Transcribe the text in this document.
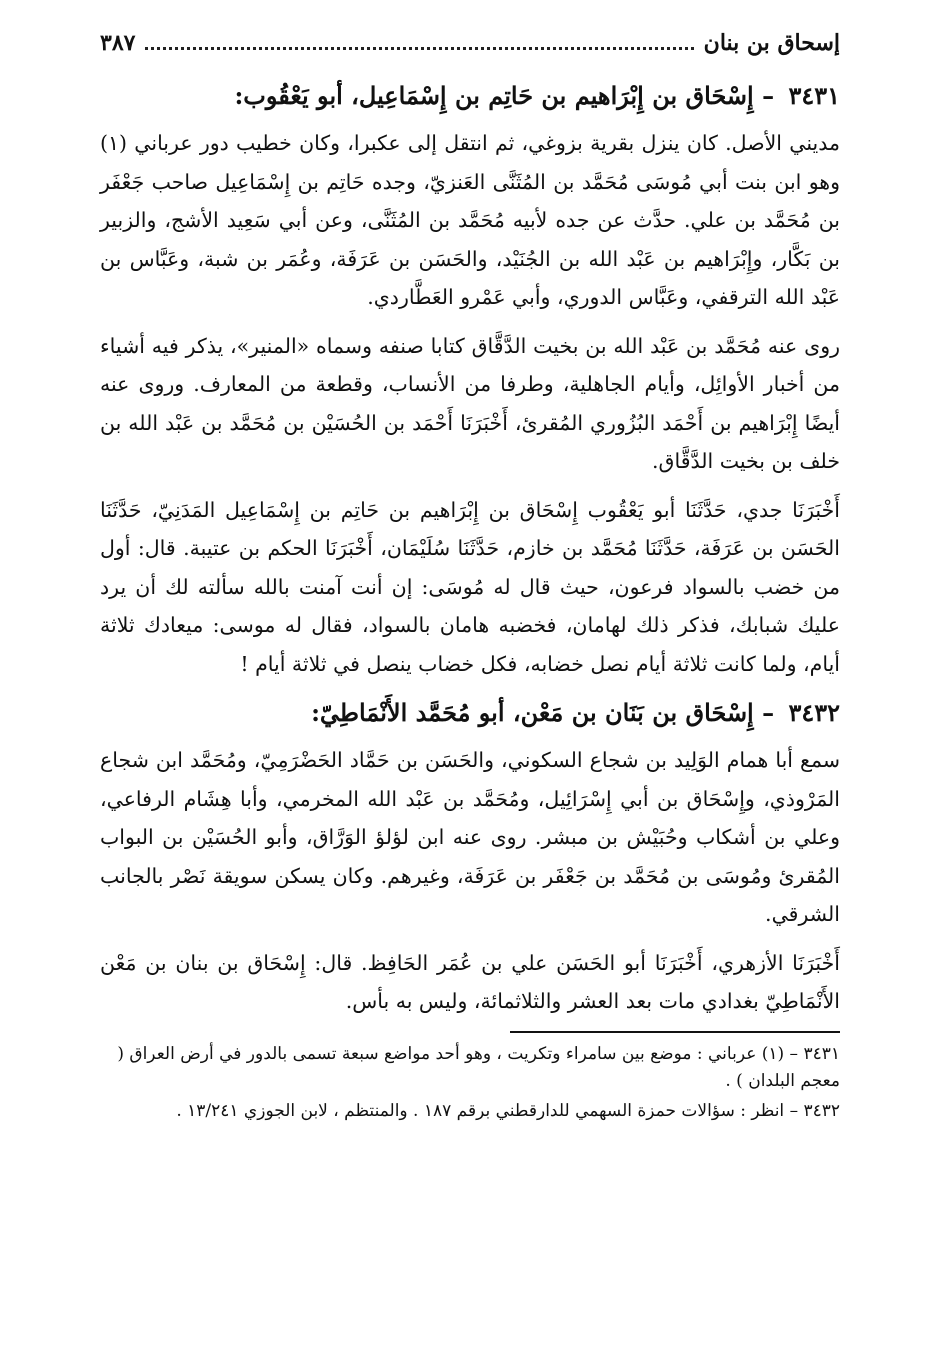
إسحاق بن بنان
٣٨٧
٣٤٣١ – إِسْحَاق بن إِبْرَاهيم بن حَاتِم بن إِسْمَاعِيل، أبو يَعْقُوب:

مديني الأصل. كان ينزل بقرية بزوغي، ثم انتقل إلى عكبرا، وكان خطيب دور عرباني (١) وهو ابن بنت أبي مُوسَى مُحَمَّد بن المُثَنَّى العَنزيّ، وجده حَاتِم بن إِسْمَاعِيل صاحب جَعْفَر بن مُحَمَّد بن علي. حدَّث عن جده لأبيه مُحَمَّد بن المُثَنَّى، وعن أبي سَعِيد الأشج، والزبير بن بَكَّار، وإِبْرَاهيم بن عَبْد الله بن الجُنَيْد، والحَسَن بن عَرَفَة، وعُمَر بن شبة، وعَبَّاس بن عَبْد الله الترقفي، وعَبَّاس الدوري، وأبي عَمْرو العَطَّاردي.

روى عنه مُحَمَّد بن عَبْد الله بن بخيت الدَّقَّاق كتابا صنفه وسماه «المنير»، يذكر فيه أشياء من أخبار الأوائِل، وأيام الجاهلية، وطرفا من الأنساب، وقطعة من المعارف. وروى عنه أيضًا إِبْرَاهيم بن أَحْمَد البُزُوري المُقرئ، أَخْبَرَنَا أَحْمَد بن الحُسَيْن بن مُحَمَّد بن عَبْد الله بن خلف بن بخيت الدَّقَّاق.

أَخْبَرَنَا جدي، حَدَّثَنَا أبو يَعْقُوب إِسْحَاق بن إِبْرَاهيم بن حَاتِم بن إِسْمَاعِيل المَدَنِيّ، حَدَّثَنَا الحَسَن بن عَرَفَة، حَدَّثَنَا مُحَمَّد بن خازم، حَدَّثَنَا سُلَيْمَان، أَخْبَرَنَا الحكم بن عتيبة. قال: أول من خضب بالسواد فرعون، حيث قال له مُوسَى: إن أنت آمنت بالله سألته لك أن يرد عليك شبابك، فذكر ذلك لهامان، فخضبه هامان بالسواد، فقال له موسى: ميعادك ثلاثة أيام، ولما كانت ثلاثة أيام نصل خضابه، فكل خضاب ينصل في ثلاثة أيام !

٣٤٣٢ – إِسْحَاق بن بَنَان بن مَعْن، أبو مُحَمَّد الأَنْمَاطِيّ:

سمع أبا همام الوَلِيد بن شجاع السكوني، والحَسَن بن حَمَّاد الحَضْرَمِيّ، ومُحَمَّد ابن شجاع المَرْوذي، وإِسْحَاق بن أبي إِسْرَائِيل، ومُحَمَّد بن عَبْد الله المخرمي، وأبا هِشَام الرفاعي، وعلي بن أشكاب وحُبَيْش بن مبشر. روى عنه ابن لؤلؤ الوَرَّاق، وأبو الحُسَيْن بن البواب المُقرئ ومُوسَى بن مُحَمَّد بن جَعْفَر بن عَرَفَة، وغيرهم. وكان يسكن سويقة نَصْر بالجانب الشرقي.

أَخْبَرَنَا الأزهري، أَخْبَرَنَا أبو الحَسَن علي بن عُمَر الحَافِظ. قال: إِسْحَاق بن بنان بن مَعْن الأَنْمَاطِيّ بغدادي مات بعد العشر والثلاثمائة، وليس به بأس.

٣٤٣١ – (١) عرباني : موضع بين سامراء وتكريت ، وهو أحد مواضع سبعة تسمى بالدور في أرض العراق ( معجم البلدان ) .

٣٤٣٢ – انظر : سؤالات حمزة السهمي للدارقطني برقم ١٨٧ . والمنتظم ، لابن الجوزي ١٣/٢٤١ .
